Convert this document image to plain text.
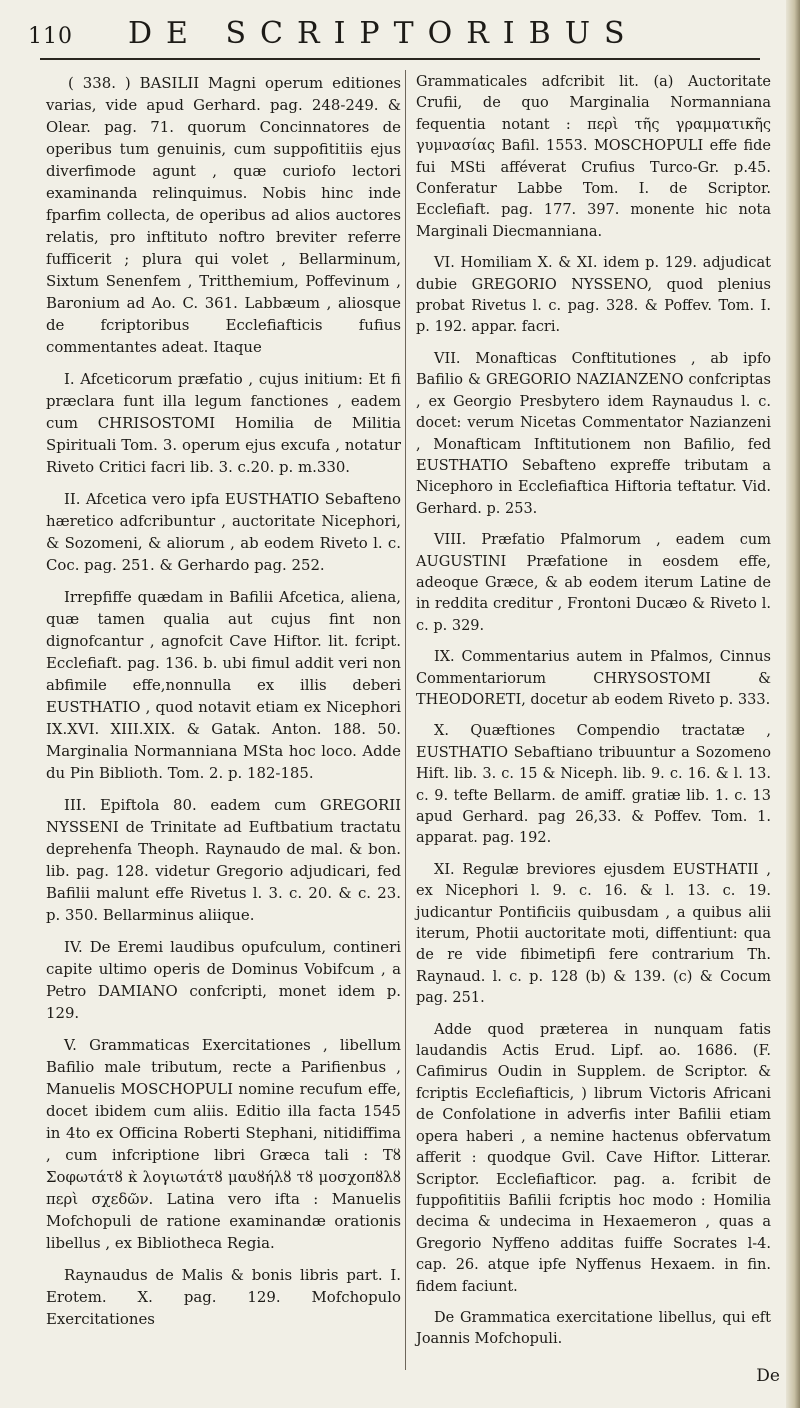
110 DE SCRIPTORIBUS

( 338. ) BASILII Magni operum editiones varias, vide apud Gerhard. pag. 248-249. & Olear. pag. 71. quorum Concinnatores de operibus tum genuinis, cum suppofititiis ejus diverfimode agunt , quæ curiofo lectori examinanda relinquimus. Nobis hinc inde fparfim collecta, de operibus ad alios auctores relatis, pro inftituto noftro breviter referre fufficerit ; plura qui volet , Bellarminum, Sixtum Senenfem , Tritthemium, Poffevinum , Baronium ad Ao. C. 361. Labbæum , aliosque de fcriptoribus Ecclefiafticis fufius commentantes adeat. Itaque

I. Afceticorum præfatio , cujus initium: Et fi præclara funt illa legum fanctiones , eadem cum CHRISOSTOMI Homilia de Militia Spirituali Tom. 3. operum ejus excufa , notatur Riveto Critici facri lib. 3. c.20. p. m.330.

II. Afcetica vero ipfa EUSTHATIO Sebafteno hæretico adfcribuntur , auctoritate Nicephori, & Sozomeni, & aliorum , ab eodem Riveto l. c. Coc. pag. 251. & Gerhardo pag. 252.

Irrepfiffe quædam in Bafilii Afcetica, aliena, quæ tamen qualia aut cujus fint non dignofcantur , agnofcit Cave Hiftor. lit. fcript. Ecclefiaft. pag. 136. b. ubi fimul addit veri non abfimile effe,nonnulla ex illis deberi EUSTHATIO , quod notavit etiam ex Nicephori IX.XVI. XIII.XIX. & Gatak. Anton. 188. 50. Marginalia Normanniana MSta hoc loco. Adde du Pin Biblioth. Tom. 2. p. 182-185.

III. Epiftola 80. eadem cum GREGORII NYSSENI de Trinitate ad Euftbatium tractatu deprehenfa Theoph. Raynaudo de mal. & bon. lib. pag. 128. videtur Gregorio adjudicari, fed Bafilii malunt effe Rivetus l. 3. c. 20. & c. 23. p. 350. Bellarminus aliique.

IV. De Eremi laudibus opufculum, contineri capite ultimo operis de Dominus Vobifcum , a Petro DAMIANO confcripti, monet idem p. 129.

V. Grammaticas Exercitationes , libellum Bafilio male tributum, recte a Parifienbus , Manuelis MOSCHOPULI nomine recufum effe, docet ibidem cum aliis. Editio illa facta 1545 in 4to ex Officina Roberti Stephani, nitidiffima , cum infcriptione libri Græca tali : Τȣ Σοφωτάτȣ κ̀ λογιωτάτȣ μαυȣήλȣ τȣ μοσχοπȣλȣ περὶ σχεδῶν. Latina vero ifta : Manuelis Mofchopuli de ratione examinandæ orationis libellus , ex Bibliotheca Regia.

Raynaudus de Malis & bonis libris part. I. Erotem. X. pag. 129. Mofchopulo Exercitationes

Grammaticales adfcribit lit. (a) Auctoritate Crufii, de quo Marginalia Normanniana fequentia notant : περὶ τῆς γραμματικῆς γυμνασίας Bafil. 1553. MOSCHOPULI effe fide fui MSti afféverat Crufius Turco-Gr. p.45. Conferatur Labbe Tom. I. de Scriptor. Ecclefiaft. pag. 177. 397. monente hic nota Marginali Diecmanniana.

VI. Homiliam X. & XI. idem p. 129. adjudicat dubie GREGORIO NYSSENO, quod plenius probat Rivetus l. c. pag. 328. & Poffev. Tom. I. p. 192. appar. facri.

VII. Monafticas Conftitutiones , ab ipfo Bafilio & GREGORIO NAZIANZENO confcriptas , ex Georgio Presbytero idem Raynaudus l. c. docet: verum Nicetas Commentator Nazianzeni , Monafticam Inftitutionem non Bafilio, fed EUSTHATIO Sebafteno expreffe tributam a Nicephoro in Ecclefiaftica Hiftoria teftatur. Vid. Gerhard. p. 253.

VIII. Præfatio Pfalmorum , eadem cum AUGUSTINI Præfatione in eosdem effe, adeoque Græce, & ab eodem iterum Latine de in reddita creditur , Frontoni Ducæo & Riveto l. c. p. 329.

IX. Commentarius autem in Pfalmos, Cinnus Commentariorum CHRYSOSTOMI & THEODORETI, docetur ab eodem Riveto p. 333.

X. Quæftiones Compendio tractatæ , EUSTHATIO Sebaftiano tribuuntur a Sozomeno Hift. lib. 3. c. 15 & Niceph. lib. 9. c. 16. & l. 13. c. 9. tefte Bellarm. de amiff. gratiæ lib. 1. c. 13 apud Gerhard. pag 26,33. & Poffev. Tom. 1. apparat. pag. 192.

XI. Regulæ breviores ejusdem EUSTHATII , ex Nicephori l. 9. c. 16. & l. 13. c. 19. judicantur Pontificiis quibusdam , a quibus alii iterum, Photii auctoritate moti, diffentiunt: qua de re vide fibimetipfi fere contrarium Th. Raynaud. l. c. p. 128 (b) & 139. (c) & Cocum pag. 251.

Adde quod præterea in nunquam fatis laudandis Actis Erud. Lipf. ao. 1686. (F. Cafimirus Oudin in Supplem. de Scriptor. & fcriptis Ecclefiafticis, ) librum Victoris Africani de Confolatione in adverfis inter Bafilii etiam opera haberi , a nemine hactenus obfervatum afferit : quodque Gvil. Cave Hiftor. Litterar. Scriptor. Ecclefiafticor. pag. a. fcribit de fuppofititiis Bafilii fcriptis hoc modo : Homilia decima & undecima in Hexaemeron , quas a Gregorio Nyffeno additas fuiffe Socrates l-4. cap. 26. atque ipfe Nyffenus Hexaem. in fin. fidem faciunt.

De Grammatica exercitatione libellus, qui eft Joannis Mofchopuli.

De
